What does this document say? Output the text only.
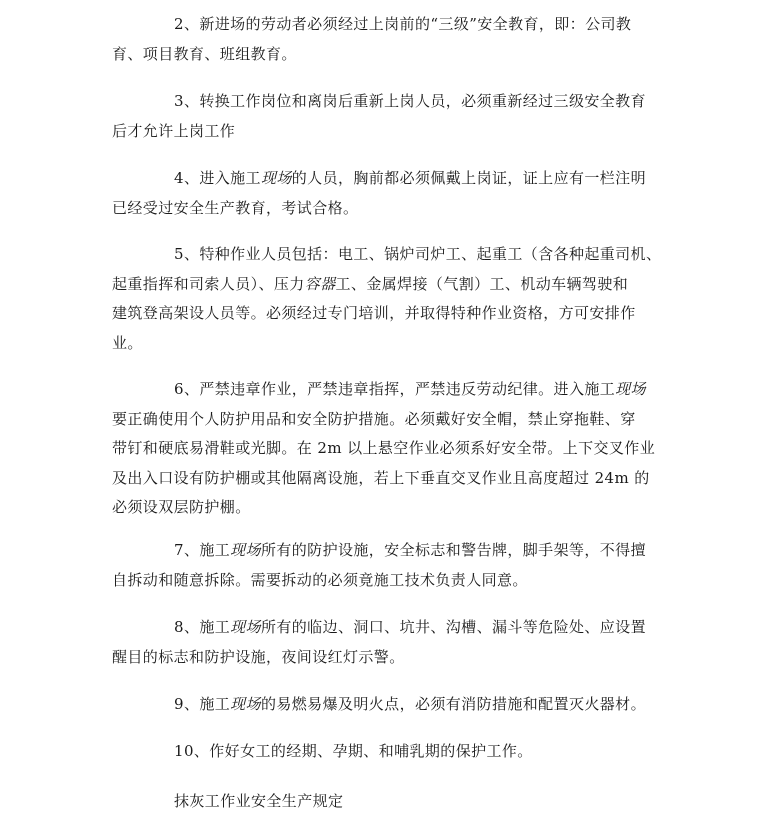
2、新进场的劳动者必须经过上岗前的“三级”安全教育，即：公司教
育、项目教育、班组教育。
3、转换工作岗位和离岗后重新上岗人员，必须重新经过三级安全教育
后才允许上岗工作
4、进入施工现场的人员，胸前都必须佩戴上岗证，证上应有一栏注明
已经受过安全生产教育，考试合格。
5、特种作业人员包括：电工、锅炉司炉工、起重工（含各种起重司机、
起重指挥和司索人员）、压力容器工、金属焊接（气割）工、机动车辆驾驶和
建筑登高架设人员等。必须经过专门培训，并取得特种作业资格，方可安排作
业。
6、严禁违章作业，严禁违章指挥，严禁违反劳动纪律。进入施工现场
要正确使用个人防护用品和安全防护措施。必须戴好安全帽，禁止穿拖鞋、穿
带钉和硬底易滑鞋或光脚。在 2m 以上悬空作业必须系好安全带。上下交叉作业
及出入口设有防护棚或其他隔离设施，若上下垂直交叉作业且高度超过 24m 的
必须设双层防护棚。
7、施工现场所有的防护设施，安全标志和警告牌，脚手架等，不得擅
自拆动和随意拆除。需要拆动的必须竟施工技术负责人同意。
8、施工现场所有的临边、洞口、坑井、沟槽、漏斗等危险处、应设置
醒目的标志和防护设施，夜间设红灯示警。
9、施工现场的易燃易爆及明火点，必须有消防措施和配置灭火器材。
10、作好女工的经期、孕期、和哺乳期的保护工作。
抹灰工作业安全生产规定
